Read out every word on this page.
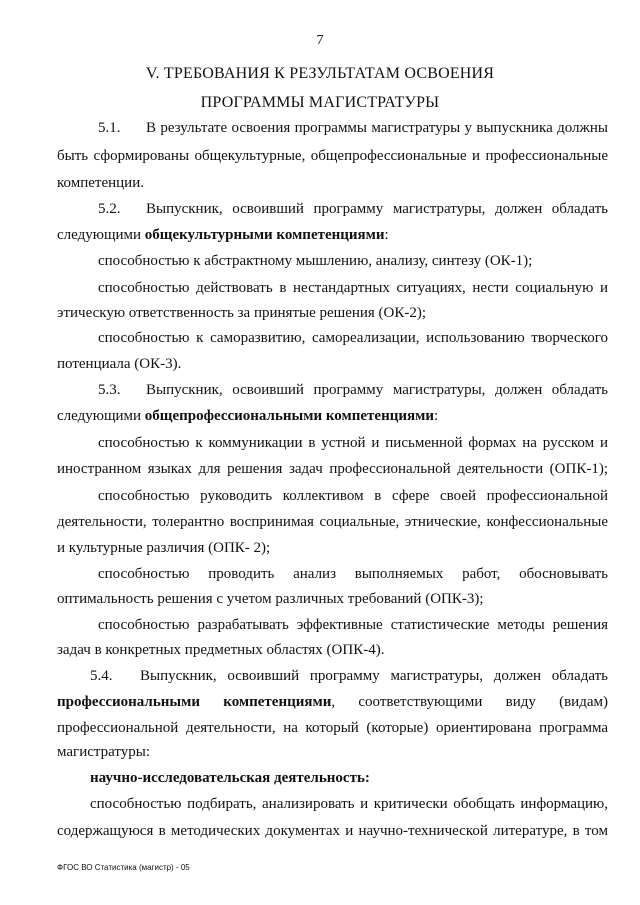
7
V. ТРЕБОВАНИЯ К РЕЗУЛЬТАТАМ ОСВОЕНИЯ
ПРОГРАММЫ МАГИСТРАТУРЫ
5.1. В результате освоения программы магистратуры у выпускника должны
быть сформированы общекультурные, общепрофессиональные и профессиональные
компетенции.
5.2. Выпускник, освоивший программу магистратуры, должен обладать
следующими общекультурными компетенциями:
способностью к абстрактному мышлению, анализу, синтезу (ОК-1);
способностью действовать в нестандартных ситуациях, нести социальную и
этическую ответственность за принятые решения (ОК-2);
способностью к саморазвитию, самореализации, использованию творческого
потенциала (ОК-3).
5.3. Выпускник, освоивший программу магистратуры, должен обладать
следующими общепрофессиональными компетенциями:
способностью к коммуникации в устной и письменной формах на русском и
иностранном языках для решения задач профессиональной деятельности (ОПК-1);
способностью руководить коллективом в сфере своей профессиональной
деятельности, толерантно воспринимая социальные, этнические, конфессиональные
и культурные различия (ОПК- 2);
способностью проводить анализ выполняемых работ, обосновывать
оптимальность решения с учетом различных требований (ОПК-3);
способностью разрабатывать эффективные статистические методы решения
задач в конкретных предметных областях (ОПК-4).
5.4. Выпускник, освоивший программу магистратуры, должен обладать
профессиональными компетенциями, соответствующими виду (видам)
профессиональной деятельности, на который (которые) ориентирована программа
магистратуры:
научно-исследовательская деятельность:
способностью подбирать, анализировать и критически обобщать информацию,
содержащуюся в методических документах и научно-технической литературе, в том
ФГОС ВО Статистика (магистр) - 05
